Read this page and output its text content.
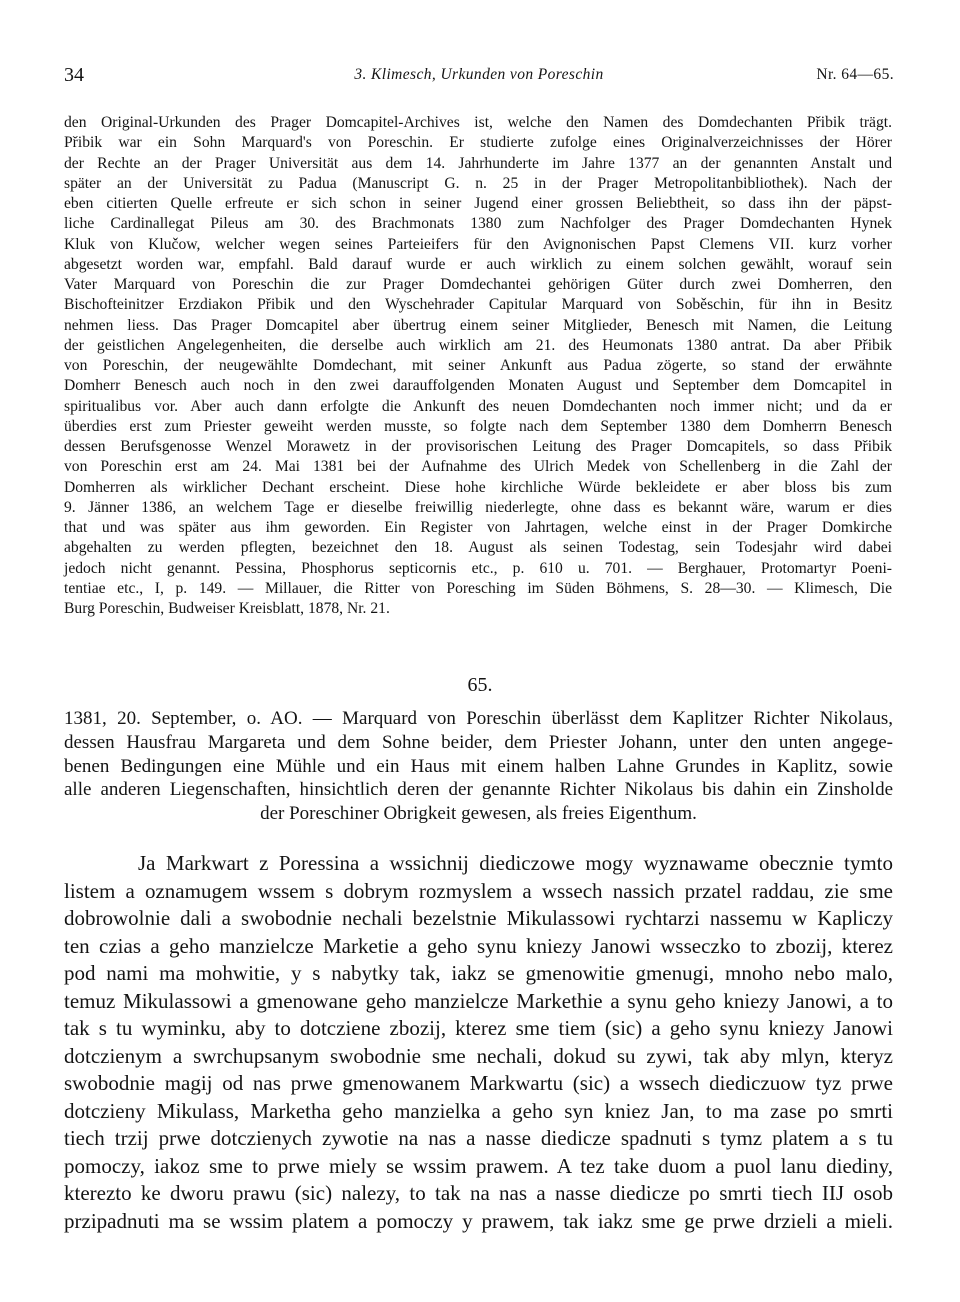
34	3. Klimesch, Urkunden von Poreschin	Nr. 64—65.
den Original-Urkunden des Prager Domcapitel-Archives ist, welche den Namen des Domdechanten Přibik trägt.
Přibik war ein Sohn Marquard's von Poreschin. Er studierte zufolge eines Originalverzeichnisses der Hörer
der Rechte an der Prager Universität aus dem 14. Jahrhunderte im Jahre 1377 an der genannten Anstalt und
später an der Universität zu Padua (Manuscript G. n. 25 in der Prager Metropolitanbibliothek). Nach der
eben citierten Quelle erfreute er sich schon in seiner Jugend einer grossen Beliebtheit, so dass ihn der päpst-
liche Cardinallegat Pileus am 30. des Brachmonats 1380 zum Nachfolger des Prager Domdechanten Hynek
Kluk von Klučow, welcher wegen seines Parteieifers für den Avignonischen Papst Clemens VII. kurz vorher
abgesetzt worden war, empfahl. Bald darauf wurde er auch wirklich zu einem solchen gewählt, worauf sein
Vater Marquard von Poreschin die zur Prager Domdechantei gehörigen Güter durch zwei Domherren, den
Bischofteinitzer Erzdiakon Přibik und den Wyschehrader Capitular Marquard von Soběschin, für ihn in Besitz
nehmen liess. Das Prager Domcapitel aber übertrug einem seiner Mitglieder, Benesch mit Namen, die Leitung
der geistlichen Angelegenheiten, die derselbe auch wirklich am 21. des Heumonats 1380 antrat. Da aber Přibik
von Poreschin, der neugewählte Domdechant, mit seiner Ankunft aus Padua zögerte, so stand der erwähnte
Domherr Benesch auch noch in den zwei darauffolgenden Monaten August und September dem Domcapitel in
spiritualibus vor. Aber auch dann erfolgte die Ankunft des neuen Domdechanten noch immer nicht; und da er
überdies erst zum Priester geweiht werden musste, so folgte nach dem September 1380 dem Domherrn Benesch
dessen Berufsgenosse Wenzel Morawetz in der provisorischen Leitung des Prager Domcapitels, so dass Přibik
von Poreschin erst am 24. Mai 1381 bei der Aufnahme des Ulrich Medek von Schellenberg in die Zahl der
Domherren als wirklicher Dechant erscheint. Diese hohe kirchliche Würde bekleidete er aber bloss bis zum
9. Jänner 1386, an welchem Tage er dieselbe freiwillig niederlegte, ohne dass es bekannt wäre, warum er dies
that und was später aus ihm geworden. Ein Register von Jahrtagen, welche einst in der Prager Domkirche
abgehalten zu werden pflegten, bezeichnet den 18. August als seinen Todestag, sein Todesjahr wird dabei
jedoch nicht genannt. Pessina, Phosphorus septicornis etc., p. 610 u. 701. — Berghauer, Protomartyr Poeni-
tentiae etc., I, p. 149. — Millauer, die Ritter von Poresching im Süden Böhmens, S. 28—30. — Klimesch, Die
Burg Poreschin, Budweiser Kreisblatt, 1878, Nr. 21.
65.
1381, 20. September, o. AO. — Marquard von Poreschin überlässt dem Kaplitzer Richter Nikolaus,
dessen Hausfrau Margareta und dem Sohne beider, dem Priester Johann, unter den unten angege-
benen Bedingungen eine Mühle und ein Haus mit einem halben Lahne Grundes in Kaplitz, sowie
alle anderen Liegenschaften, hinsichtlich deren der genannte Richter Nikolaus bis dahin ein Zinsholde
der Poreschiner Obrigkeit gewesen, als freies Eigenthum.
Ja Markwart z Poressina a wssichnij diediczowe mogy wyznawame obecznie tymto
listem a oznamugem wssem s dobrym rozmyslem a wssech nassich przatel raddau, zie sme
dobrowolnie dali a swobodnie nechali bezelstnie Mikulassowi rychtarzi nassemu w Kapliczy
ten czias a geho manzielcze Marketie a geho synu kniezy Janowi wsseczko to zbozij, kterez
pod nami ma mohwitie, y s nabytky tak, iakz se gmenowitie gmenugi, mnoho nebo malo,
temuz Mikulassowi a gmenowane geho manzielcze Markethie a synu geho kniezy Janowi, a to
tak s tu wyminku, aby to dotcziene zbozij, kterez sme tiem (sic) a geho synu kniezy Janowi
dotczienym a swrchupsanym swobodnie sme nechali, dokud su zywi, tak aby mlyn, kteryz
swobodnie magij od nas prwe gmenowanem Markwartu (sic) a wssech diediczuow tyz prwe
dotczieny Mikulass, Marketha geho manzielka a geho syn kniez Jan, to ma zase po smrti
tiech trzij prwe dotczienych zywotie na nas a nasse diedicze spadnuti s tymz platem a s tu
pomoczy, iakoz sme to prwe miely se wssim prawem. A tez take duom a puol lanu diediny,
kterezto ke dworu prawu (sic) nalezy, to tak na nas a nasse diedicze po smrti tiech IIJ osob
przipadnuti ma se wssim platem a pomoczy y prawem, tak iakz sme ge prwe drzieli a mieli.
